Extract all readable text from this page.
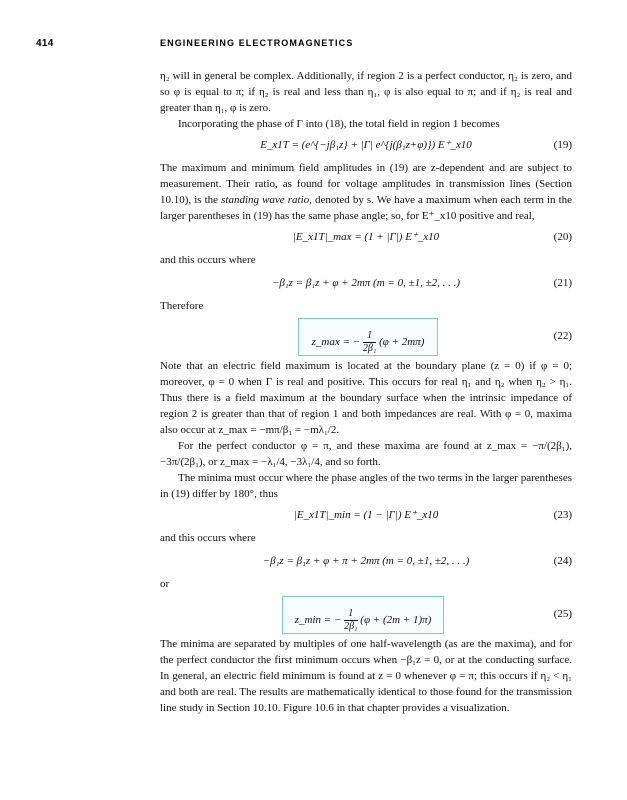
414	ENGINEERING ELECTROMAGNETICS

η₂ will in general be complex. Additionally, if region 2 is a perfect conductor, η₂ is zero, and so φ is equal to π; if η₂ is real and less than η₁, φ is also equal to π; and if η₂ is real and greater than η₁, φ is zero.

Incorporating the phase of Γ into (18), the total field in region 1 becomes

E_x1T = (e^{−jβ₁z} + |Γ| e^{j(β₁z+φ)}) E⁺_x10	(19)

The maximum and minimum field amplitudes in (19) are z-dependent and are subject to measurement. Their ratio, as found for voltage amplitudes in transmission lines (Section 10.10), is the standing wave ratio, denoted by s. We have a maximum when each term in the larger parentheses in (19) has the same phase angle; so, for E⁺_x10 positive and real,

|E_x1T|_max = (1 + |Γ|) E⁺_x10	(20)

and this occurs where

−β₁z = β₁z + φ + 2mπ (m = 0, ±1, ±2, . . .)	(21)

Therefore

z_max = − $\frac{1}{\text{2β₁}} (\varphi + 2m\pi)$
(22)

Note that an electric field maximum is located at the boundary plane (z = 0) if φ = 0; moreover, φ = 0 when Γ is real and positive. This occurs for real η₁ and η₂ when η₂ > η₁. Thus there is a field maximum at the boundary surface when the intrinsic impedance of region 2 is greater than that of region 1 and both impedances are real. With φ = 0, maxima also occur at z_max = −mπ/β₁ = −mλ₁/2.

For the perfect conductor φ = π, and these maxima are found at z_max = −π/(2β₁), −3π/(2β₁), or z_max = −λ₁/4, −3λ₁/4, and so forth.

The minima must occur where the phase angles of the two terms in the larger parentheses in (19) differ by 180°, thus

|E_x1T|_min = (1 − |Γ|) E⁺_x10	(23)

and this occurs where

−β₁z = β₁z + φ + π + 2mπ (m = 0, ±1, ±2, . . .)	(24)

or

z_min = − $\frac{1}{\text{2β₁}} (\varphi + (2m + 1)\pi)$
(25)

The minima are separated by multiples of one half-wavelength (as are the maxima), and for the perfect conductor the first minimum occurs when −β₁z = 0, or at the conducting surface. In general, an electric field minimum is found at z = 0 whenever φ = π; this occurs if η₂ < η₁ and both are real. The results are mathematically identical to those found for the transmission line study in Section 10.10. Figure 10.6 in that chapter provides a visualization.
